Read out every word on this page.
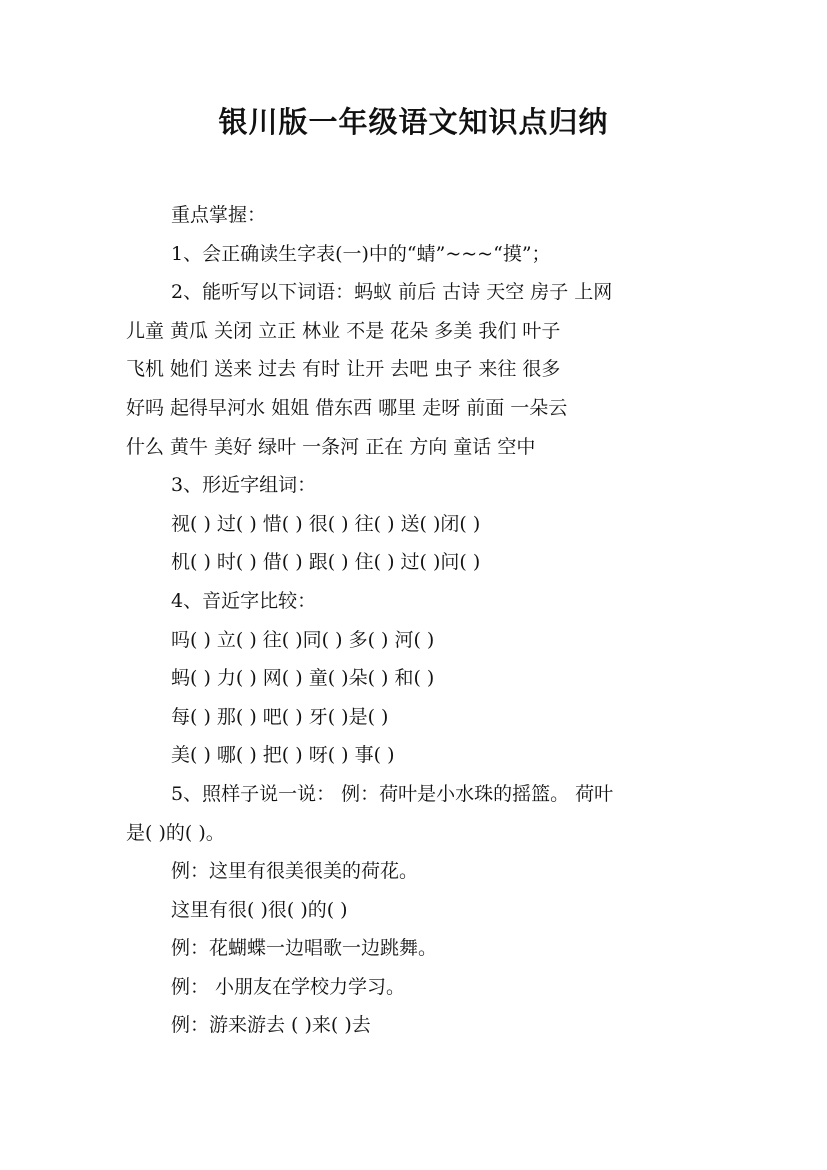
银川版一年级语文知识点归纳

重点掌握：

1、会正确读生字表(一)中的“蜻”~~~“摸”；

2、能听写以下词语：蚂蚁 前后 古诗 天空 房子 上网

儿童 黄瓜 关闭 立正 林业 不是 花朵 多美 我们 叶子

飞机 她们 送来 过去 有时 让开 去吧 虫子 来往 很多

好吗 起得早河水 姐姐 借东西 哪里 走呀 前面 一朵云

什么 黄牛 美好 绿叶 一条河 正在 方向 童话 空中

3、形近字组词：

视( ) 过( ) 惜( ) 很( ) 往( ) 送( )闭( )

机( ) 时( ) 借( ) 跟( ) 住( ) 过( )问( )

4、音近字比较：

吗( ) 立( ) 往( )同( ) 多( ) 河( )

蚂( ) 力( ) 网( ) 童( )朵( ) 和( )

每( ) 那( ) 吧( ) 牙( )是( )

美( ) 哪( ) 把( ) 呀( ) 事( )

5、照样子说一说： 例：荷叶是小水珠的摇篮。 荷叶

是( )的( )。

例：这里有很美很美的荷花。

这里有很( )很( )的( )

例：花蝴蝶一边唱歌一边跳舞。

例： 小朋友在学校力学习。

例：游来游去 ( )来( )去
